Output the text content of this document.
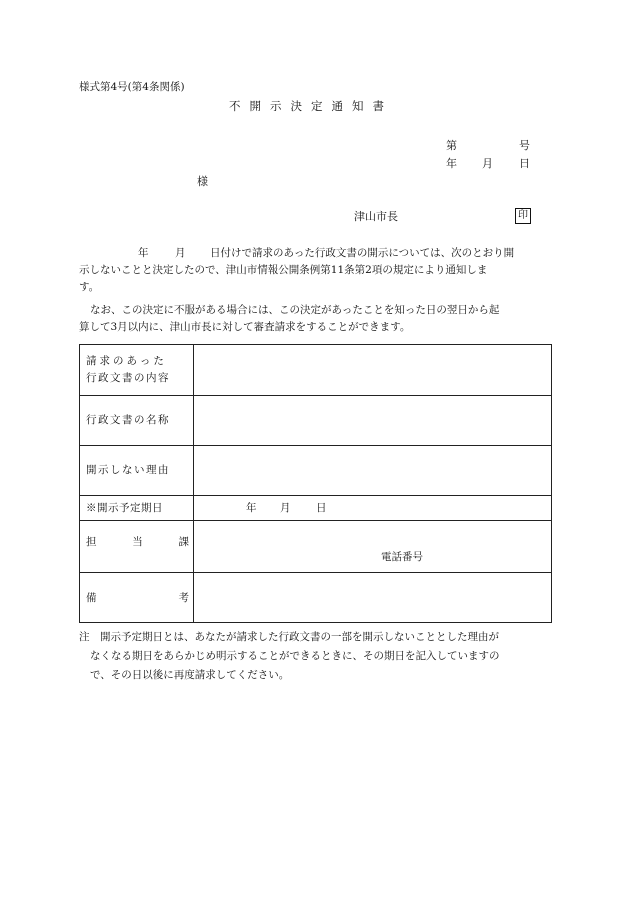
様式第4号(第4条関係)
不開示決定通知書
第	号
年 月 日
様
津山市長	印
年	月 日付けで請求のあった行政文書の開示については、次のとおり開
示しないことと決定したので、津山市情報公開条例第11条第2項の規定により通知しま
す。
なお、この決定に不服がある場合には、この決定があったことを知った日の翌日から起
算して3月以内に、津山市長に対して審査請求をすることができます。
請求のあった
行政文書の内容	

行政文書の名称	

開示しない理由	

※開示予定期日	年 月 日

担 当 課	電話番号

備 考	

注　開示予定期日とは、あなたが請求した行政文書の一部を開示しないこととした理由が
なくなる期日をあらかじめ明示することができるときに、その期日を記入していますの
で、その日以後に再度請求してください。
